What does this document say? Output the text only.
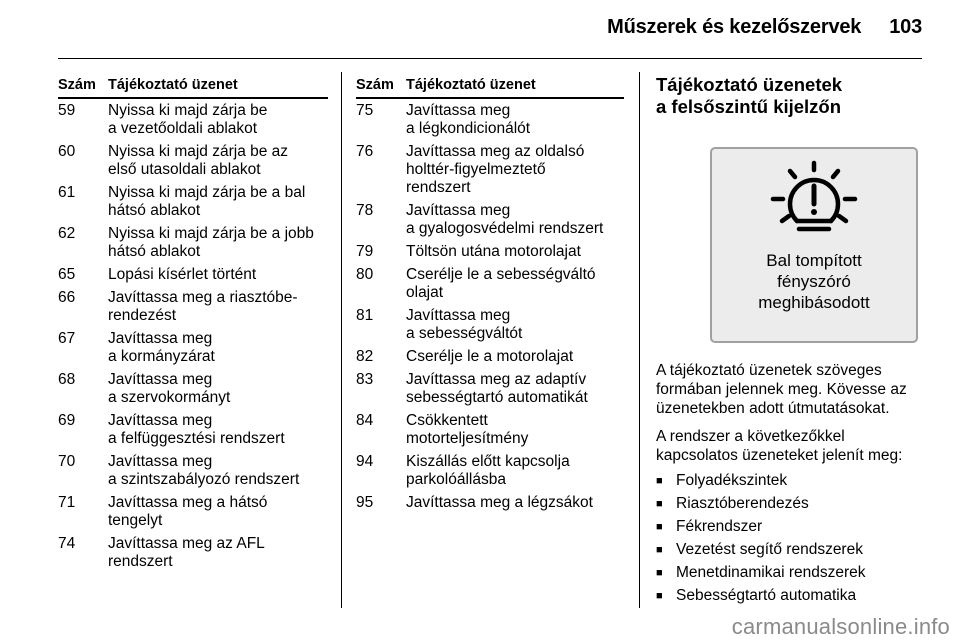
Műszerek és kezelőszervek 103
Szám Tájékoztató üzenet
59	Nyissa ki majd zárja be
a vezetőoldali ablakot
60	Nyissa ki majd zárja be az
első utasoldali ablakot
61	Nyissa ki majd zárja be a bal
hátsó ablakot
62	Nyissa ki majd zárja be a jobb
hátsó ablakot
65	Lopási kísérlet történt
66	Javíttassa meg a riasztóbe-
rendezést
67	Javíttassa meg
a kormányzárat
68	Javíttassa meg
a szervokormányt
69	Javíttassa meg
a felfüggesztési rendszert
70	Javíttassa meg
a szintszabályozó rendszert
71	Javíttassa meg a hátsó
tengelyt
74	Javíttassa meg az AFL
rendszert
Szám Tájékoztató üzenet
75	Javíttassa meg
a légkondicionálót
76	Javíttassa meg az oldalsó
holttér-figyelmeztető
rendszert
78	Javíttassa meg
a gyalogosvédelmi rendszert
79	Töltsön utána motorolajat
80	Cserélje le a sebességváltó
olajat
81	Javíttassa meg
a sebességváltót
82	Cserélje le a motorolajat
83	Javíttassa meg az adaptív
sebességtartó automatikát
84	Csökkentett
motorteljesítmény
94	Kiszállás előtt kapcsolja
parkolóállásba
95	Javíttassa meg a légzsákot
Tájékoztató üzenetek
a felsőszintű kijelzőn
Bal tompított
fényszóró
meghibásodott
A tájékoztató üzenetek szöveges
formában jelennek meg. Kövesse az
üzenetekben adott útmutatásokat.
A rendszer a következőkkel
kapcsolatos üzeneteket jelenít meg:
■ Folyadékszintek
■ Riasztóberendezés
■ Fékrendszer
■ Vezetést segítő rendszerek
■ Menetdinamikai rendszerek
■ Sebességtartó automatika
carmanualsonline.info
